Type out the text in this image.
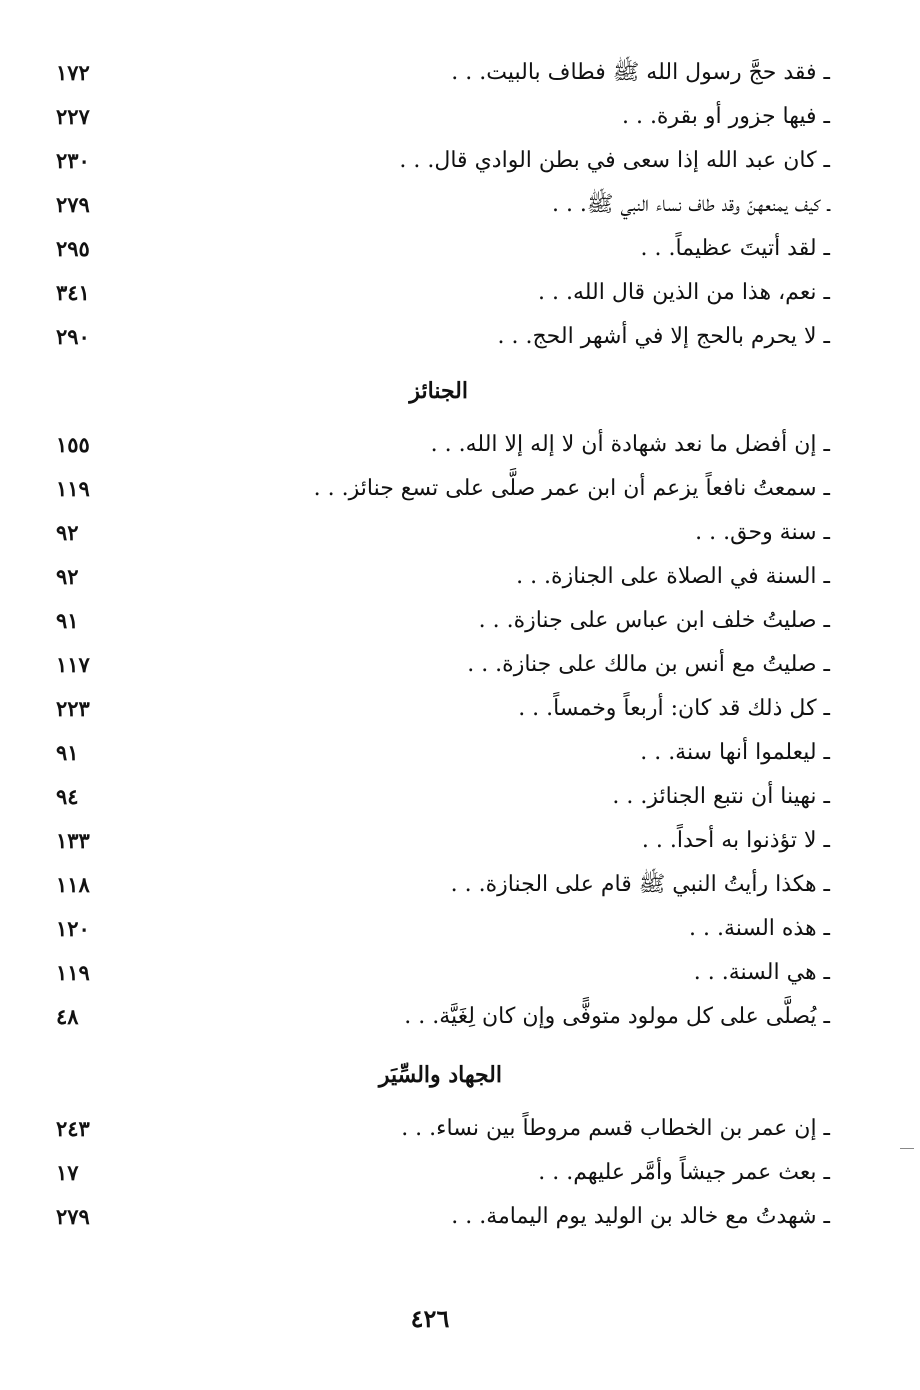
ـ فقد حجَّ رسول الله ﷺ فطاف بالبيت. . .
١٧٢
ـ فيها جزور أو بقرة. . .
٢٢٧
ـ كان عبد الله إذا سعى في بطن الوادي قال. . .
٢٣٠
ـ كيف يمنعهنّ وقد طاف نساء النبي ﷺ. . .
٢٧٩
ـ لقد أتيتَ عظيماً. . .
٢٩٥
ـ نعم، هذا من الذين قال الله. . .
٣٤١
ـ لا يحرم بالحج إلا في أشهر الحج. . .
٢٩٠
الجنائز
ـ إن أفضل ما نعد شهادة أن لا إله إلا الله. . .
١٥٥
ـ سمعتُ نافعاً يزعم أن ابن عمر صلَّى على تسع جنائز. . .
١١٩
ـ سنة وحق. . .
٩٢
ـ السنة في الصلاة على الجنازة. . .
٩٢
ـ صليتُ خلف ابن عباس على جنازة. . .
٩١
ـ صليتُ مع أنس بن مالك على جنازة. . .
١١٧
ـ كل ذلك قد كان: أربعاً وخمساً. . .
٢٢٣
ـ ليعلموا أنها سنة. . .
٩١
ـ نهينا أن نتبع الجنائز. . .
٩٤
ـ لا تؤذنوا به أحداً. . .
١٣٣
ـ هكذا رأيتُ النبي ﷺ قام على الجنازة. . .
١١٨
ـ هذه السنة. . .
١٢٠
ـ هي السنة. . .
١١٩
ـ يُصلَّى على كل مولود متوفًّى وإن كان لِغَيَّة. . .
٤٨
الجهاد والسِّيَر
ـ إن عمر بن الخطاب قسم مروطاً بين نساء. . .
٢٤٣
ـ بعث عمر جيشاً وأمَّر عليهم. . .
١٧
ـ شهدتُ مع خالد بن الوليد يوم اليمامة. . .
٢٧٩
٤٢٦
